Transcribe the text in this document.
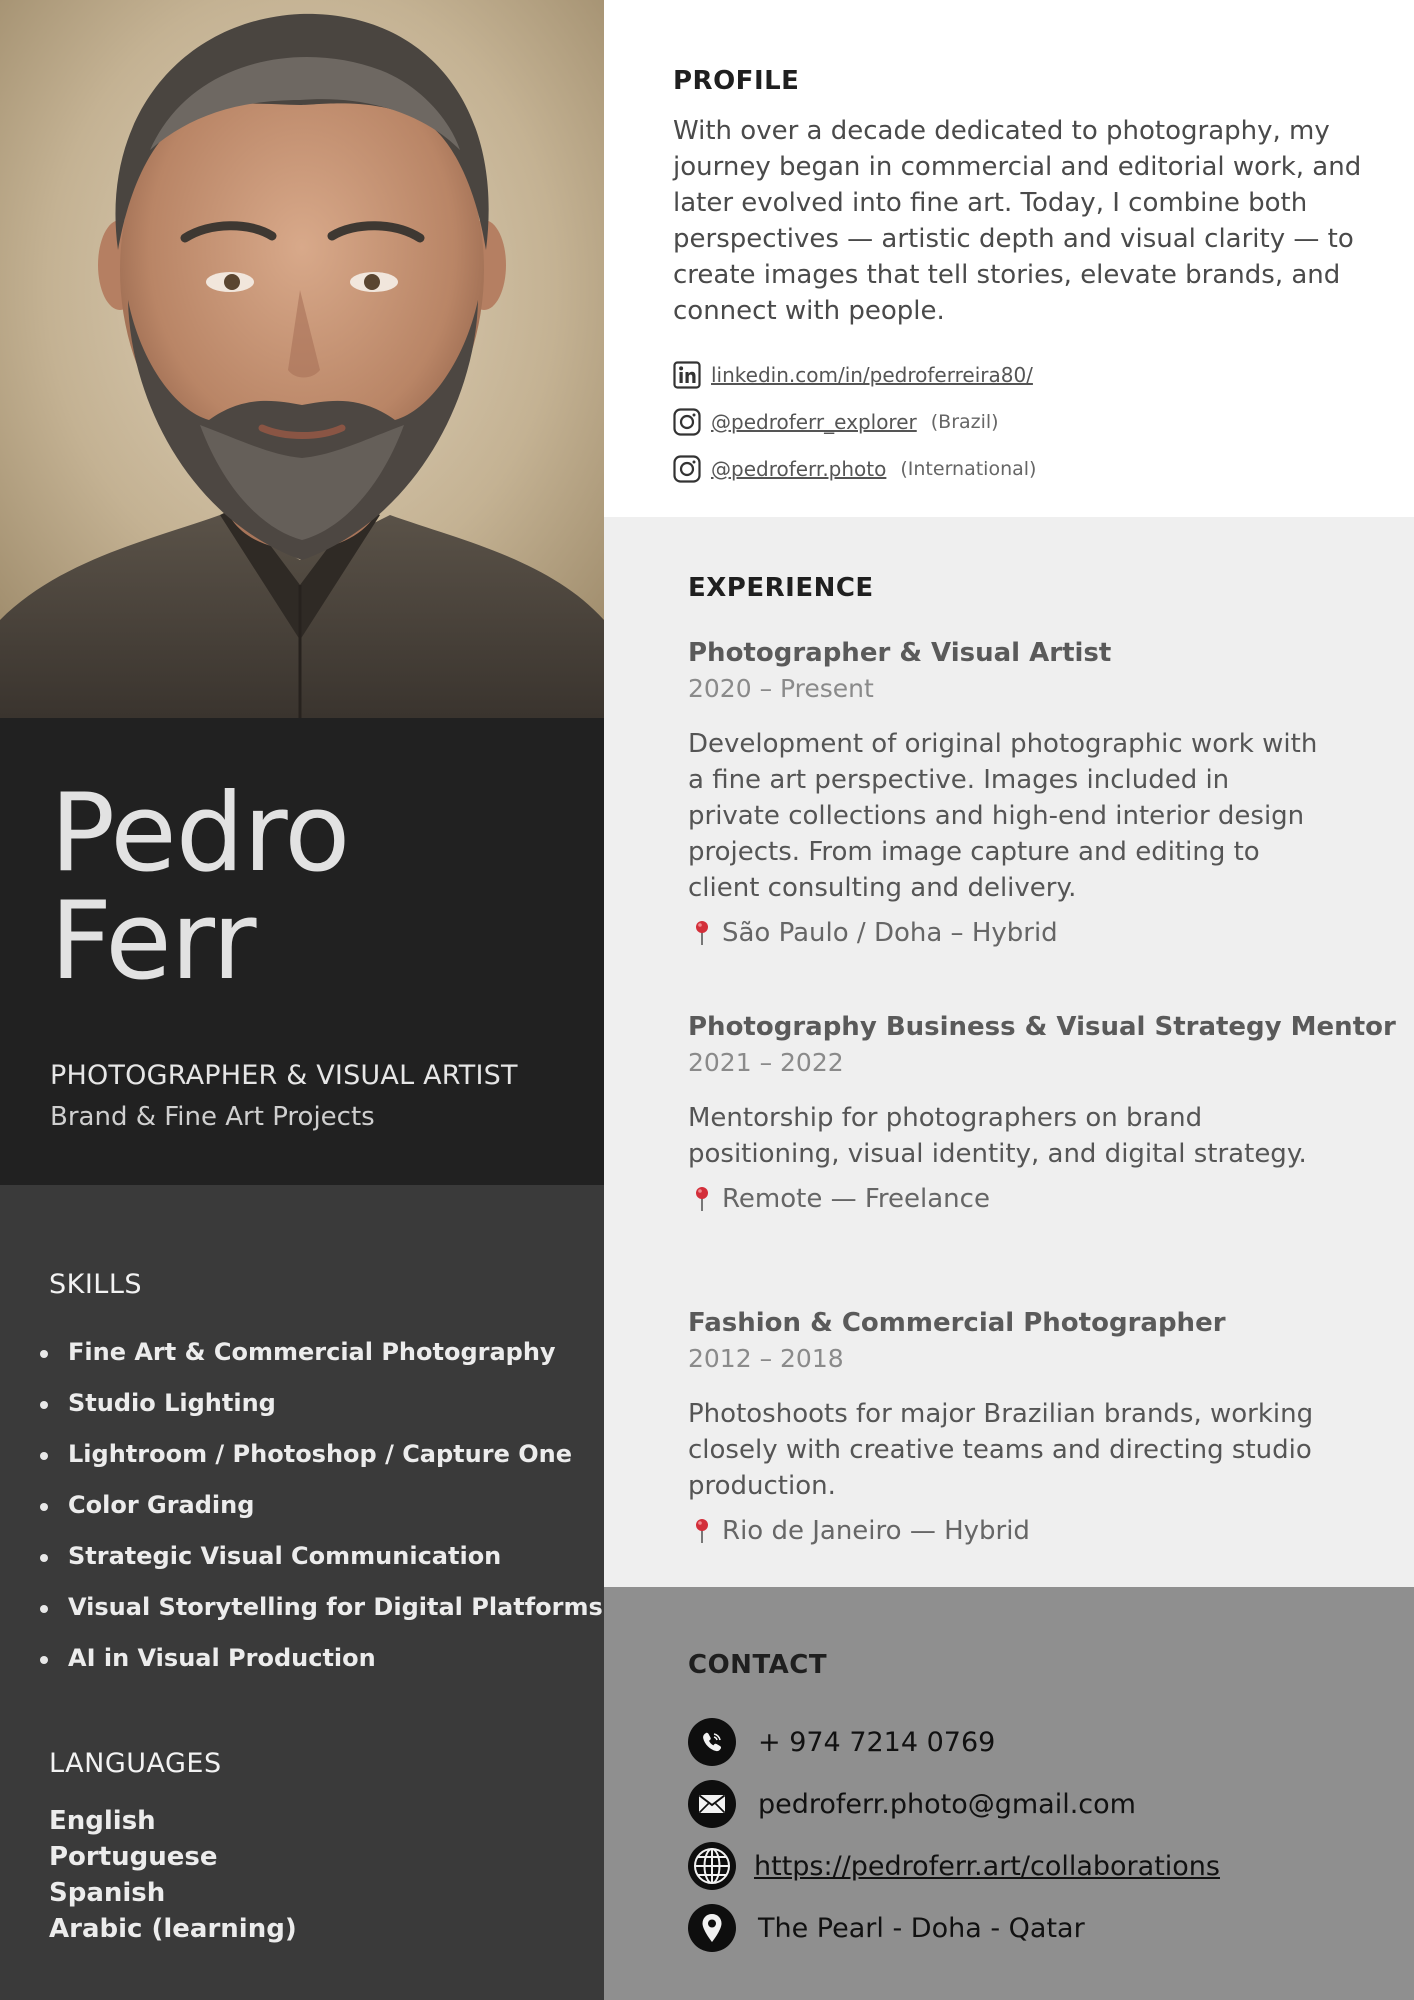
Pedro
Ferr
PHOTOGRAPHER & VISUAL ARTIST
Brand & Fine Art Projects
SKILLS
Fine Art & Commercial Photography
Studio Lighting
Lightroom / Photoshop / Capture One
Color Grading
Strategic Visual Communication
Visual Storytelling for Digital Platforms
AI in Visual Production
LANGUAGES
English
Portuguese
Spanish
Arabic (learning)
PROFILE

With over a decade dedicated to photography, my journey began in commercial and editorial work, and later evolved into fine art. Today, I combine both perspectives — artistic depth and visual clarity — to create images that tell stories, elevate brands, and connect with people.

linkedin.com/in/pedroferreira80/
@pedroferr_explorer (Brazil)
@pedroferr.photo (International)
EXPERIENCE
Photographer & Visual Artist
2020 – Present

Development of original photographic work with a fine art perspective. Images included in private collections and high-end interior design projects. From image capture and editing to client consulting and delivery.

São Paulo / Doha – Hybrid
Photography Business & Visual Strategy Mentor
2021 – 2022

Mentorship for photographers on brand positioning, visual identity, and digital strategy.

Remote — Freelance
Fashion & Commercial Photographer
2012 – 2018

Photoshoots for major Brazilian brands, working closely with creative teams and directing studio production.

Rio de Janeiro — Hybrid
CONTACT
+ 974 7214 0769
pedroferr.photo@gmail.com
https://pedroferr.art/collaborations
The Pearl - Doha - Qatar
